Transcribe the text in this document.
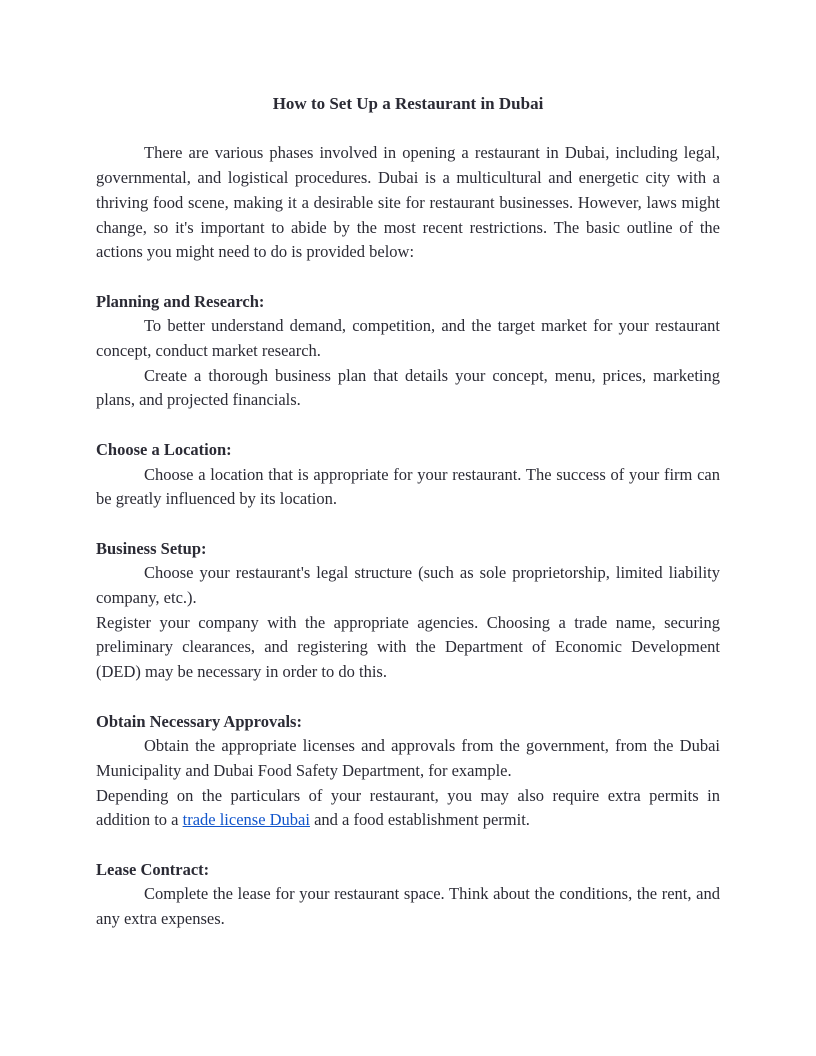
How to Set Up a Restaurant in Dubai

There are various phases involved in opening a restaurant in Dubai, including legal, governmental, and logistical procedures. Dubai is a multicultural and energetic city with a thriving food scene, making it a desirable site for restaurant businesses. However, laws might change, so it's important to abide by the most recent restrictions. The basic outline of the actions you might need to do is provided below:

Planning and Research:

To better understand demand, competition, and the target market for your restaurant concept, conduct market research.

Create a thorough business plan that details your concept, menu, prices, marketing plans, and projected financials.

Choose a Location:

Choose a location that is appropriate for your restaurant. The success of your firm can be greatly influenced by its location.

Business Setup:

Choose your restaurant's legal structure (such as sole proprietorship, limited liability company, etc.).

Register your company with the appropriate agencies. Choosing a trade name, securing preliminary clearances, and registering with the Department of Economic Development (DED) may be necessary in order to do this.

Obtain Necessary Approvals:

Obtain the appropriate licenses and approvals from the government, from the Dubai Municipality and Dubai Food Safety Department, for example.

Depending on the particulars of your restaurant, you may also require extra permits in addition to a trade license Dubai and a food establishment permit.

Lease Contract:

Complete the lease for your restaurant space. Think about the conditions, the rent, and any extra expenses.
